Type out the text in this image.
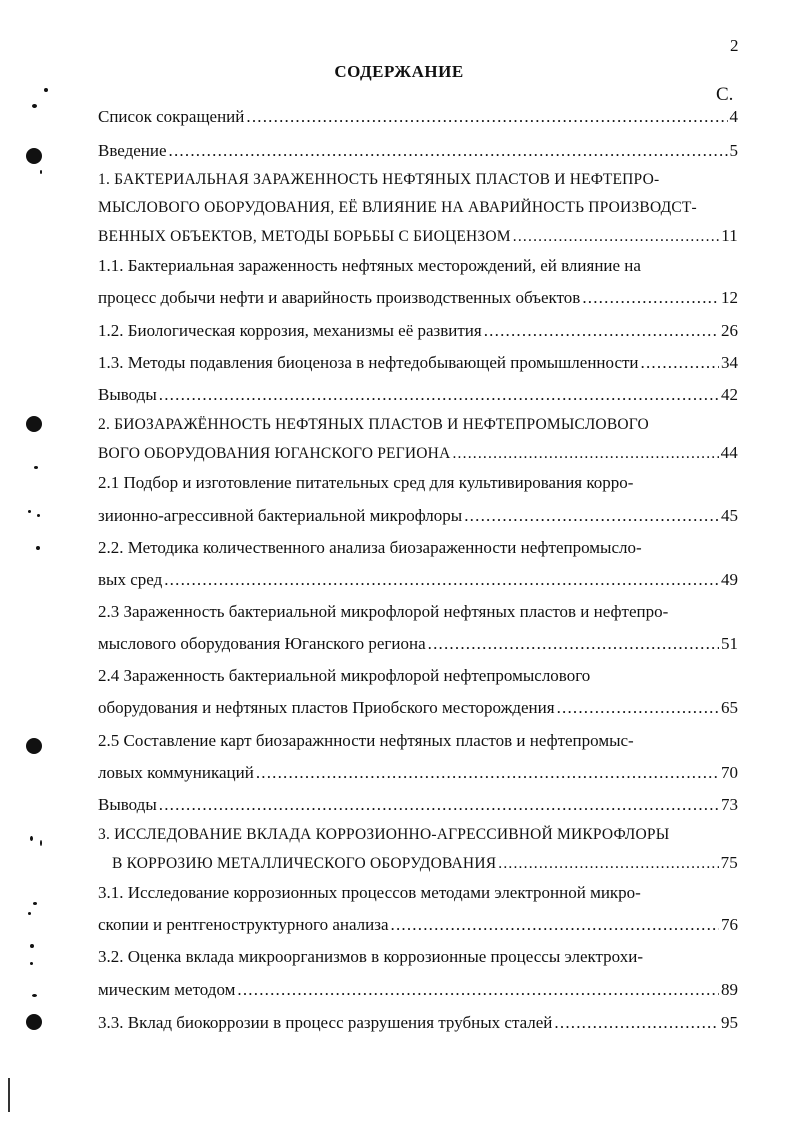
2
СОДЕРЖАНИЕ
С.
Список сокращений .....	4
Введение .....	5
1. БАКТЕРИАЛЬНАЯ ЗАРАЖЕННОСТЬ НЕФТЯНЫХ ПЛАСТОВ И НЕФТЕПРО-
МЫСЛОВОГО ОБОРУДОВАНИЯ, ЕЁ ВЛИЯНИЕ НА АВАРИЙНОСТЬ ПРОИЗВОДСТ-
ВЕННЫХ ОБЪЕКТОВ, МЕТОДЫ БОРЬБЫ С БИОЦЕНЗОМ .....	11
1.1. Бактериальная зараженность нефтяных месторождений, ей влияние на
процесс добычи нефти и аварийность производственных объектов .....	12
1.2. Биологическая коррозия, механизмы её развития .....	26
1.3. Методы подавления биоценоза в нефтедобывающей промышленности .....	34
Выводы .....	42
2. БИОЗАРАЖЁННОСТЬ НЕФТЯНЫХ ПЛАСТОВ И НЕФТЕПРОМЫСЛОВОГО
ВОГО ОБОРУДОВАНИЯ ЮГАНСКОГО РЕГИОНА .....	44
2.1 Подбор и изготовление питательных сред для культивирования корро-
зииoнно-агрессивной бактериальной микрофлоры .....	45
2.2. Методика количественного анализа биозараженности нефтепромысло-
вых сред .....	49
2.3 Зараженность бактериальной микрофлорой нефтяных пластов и нефтепро-
мыслового оборудования Юганского региона .....	51
2.4 Зараженность бактериальной микрофлорой нефтепромыслового
оборудования и нефтяных пластов Приобского месторождения .....	65
2.5 Составление карт биозаражнности нефтяных пластов и нефтепромыс-
ловых коммуникаций .....	70
Выводы .....	73
3. ИССЛЕДОВАНИЕ ВКЛАДА КОРРОЗИОННО-АГРЕССИВНОЙ МИКРОФЛОРЫ
В КОРРОЗИЮ МЕТАЛЛИЧЕСКОГО ОБОРУДОВАНИЯ .....	75
3.1. Исследование коррозионных процессов методами электронной микро-
скопии и рентгеноструктурного анализа .....	76
3.2. Оценка вклада микроорганизмов в коррозионные процессы электрохи-
мическим методом .....	89
3.3. Вклад биокоррозии в процесс разрушения трубных сталей .....	95
